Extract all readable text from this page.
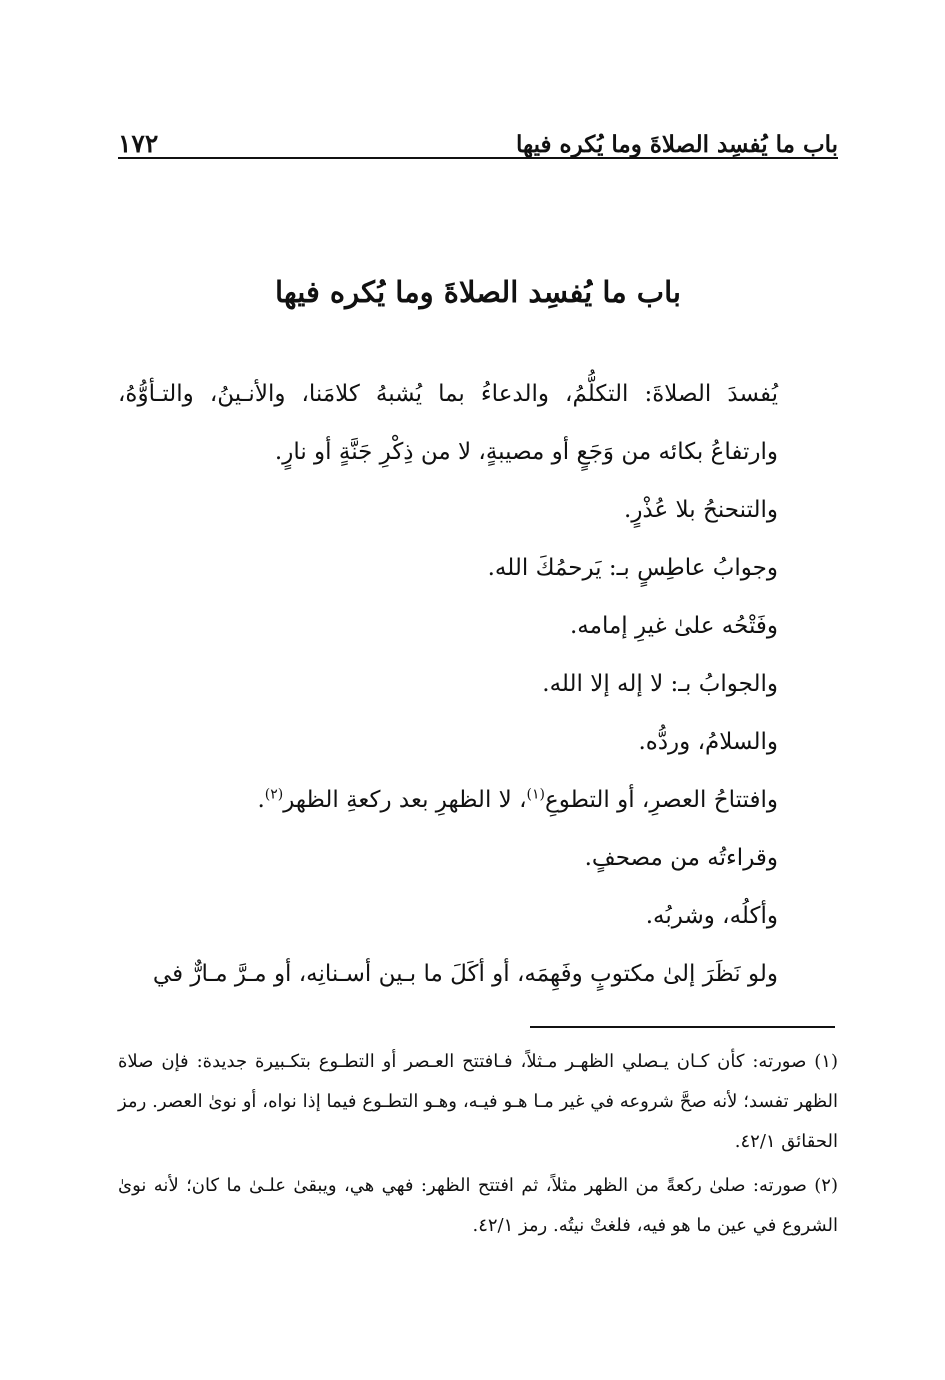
باب ما يُفسِد الصلاةَ وما يُكره فيها
١٧٢
باب ما يُفسِد الصلاةَ وما يُكره فيها

يُفسدَ الصلاةَ: التكلُّمُ، والدعاءُ بما يُشبهُ كلامَنا، والأنـينُ، والتـأوُّهُ، وارتفاعُ بكائه من وَجَعٍ أو مصيبةٍ، لا من ذِكْرِ جَنَّةٍ أو نارٍ.

والتنحنحُ بلا عُذْرٍ.

وجوابُ عاطِسٍ بـ: يَرحمُكَ الله.

وفَتْحُه علىٰ غيرِ إمامه.

والجوابُ بـ: لا إله إلا الله.

والسلامُ، وردُّه.

وافتتاحُ العصرِ، أو التطوعِ$^{(١)}$، لا الظهرِ بعد ركعةِ الظهر$^{(٢)}$.

وقراءتُه من مصحفٍ.

وأكلُه، وشربُه.

ولو نَظَرَ إلىٰ مكتوبٍ وفَهِمَه، أو أكَلَ ما بـين أسـنانِه، أو مـرَّ مـارٌّ في

(١) صورته: كأن كـان يـصلي الظهـر مـثلاً، فـافتتح العـصر أو التطـوع بتكـبيرة جديدة: فإن صلاة الظهر تفسد؛ لأنه صحَّ شروعه في غير مـا هـو فيـه، وهـو التطـوع فيما إذا نواه، أو نوىٰ العصر. رمز الحقائق ٤٢/١.

(٢) صورته: صلىٰ ركعةً من الظهر مثلاً، ثم افتتح الظهر: فهي هي، ويبقىٰ علـىٰ ما كان؛ لأنه نوىٰ الشروع في عين ما هو فيه، فلغتْ نيتُه. رمز ٤٢/١.
